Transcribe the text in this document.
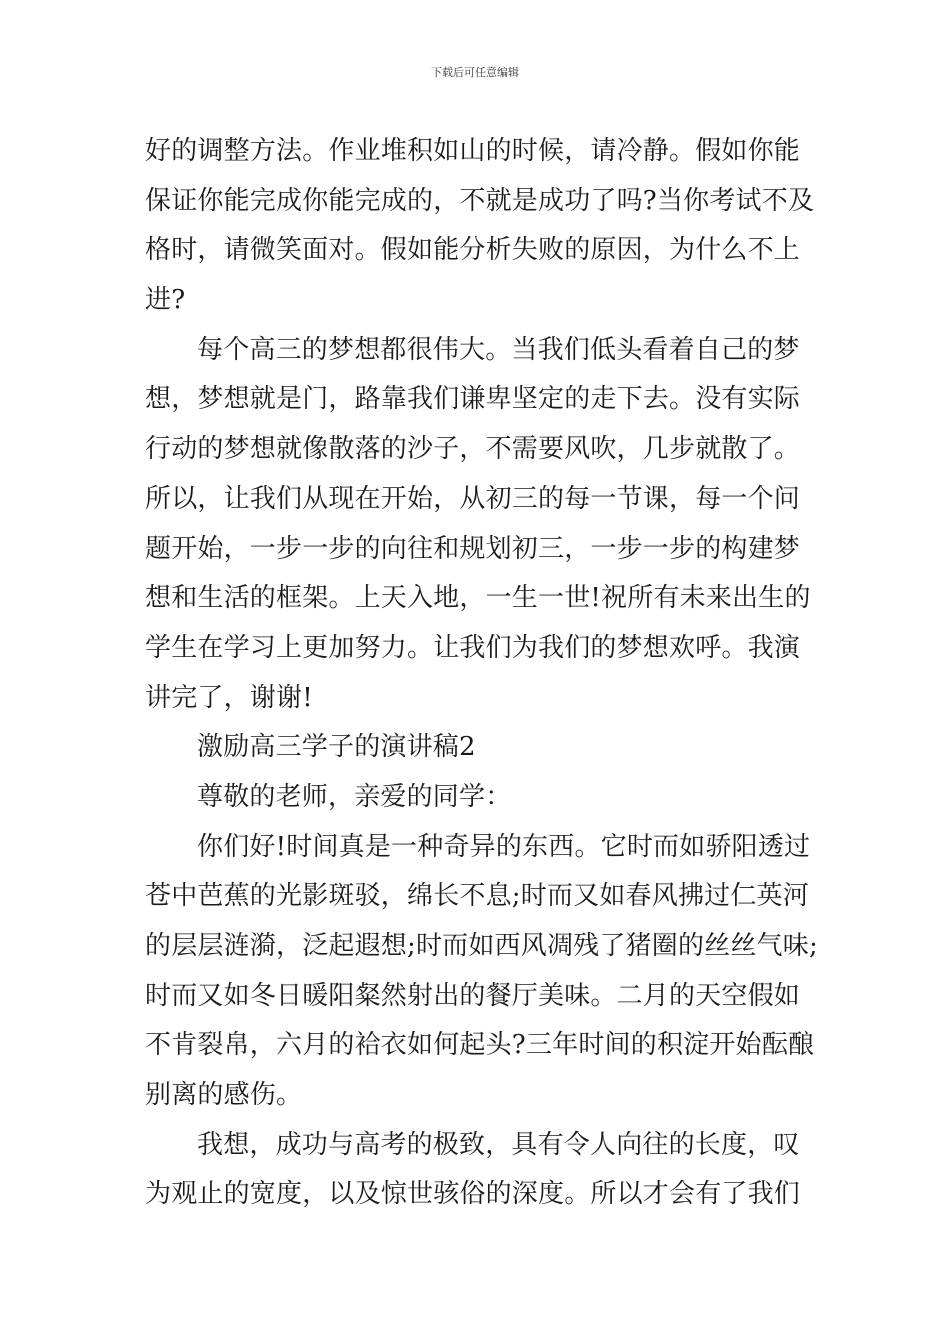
下载后可任意编辑
好的调整方法。作业堆积如山的时候，请冷静。假如你能
保证你能完成你能完成的，不就是成功了吗?当你考试不及
格时，请微笑面对。假如能分析失败的原因，为什么不上
进?
每个高三的梦想都很伟大。当我们低头看着自己的梦
想，梦想就是门，路靠我们谦卑坚定的走下去。没有实际
行动的梦想就像散落的沙子，不需要风吹，几步就散了。
所以，让我们从现在开始，从初三的每一节课，每一个问
题开始，一步一步的向往和规划初三，一步一步的构建梦
想和生活的框架。上天入地，一生一世!祝所有未来出生的
学生在学习上更加努力。让我们为我们的梦想欢呼。我演
讲完了，谢谢!
激励高三学子的演讲稿2
尊敬的老师，亲爱的同学：
你们好!时间真是一种奇异的东西。它时而如骄阳透过
苍中芭蕉的光影斑驳，绵长不息;时而又如春风拂过仁英河
的层层涟漪，泛起遐想;时而如西风凋残了猪圈的丝丝气味;
时而又如冬日暖阳粲然射出的餐厅美味。二月的天空假如
不肯裂帛，六月的袷衣如何起头?三年时间的积淀开始酝酿
别离的感伤。
我想，成功与高考的极致，具有令人向往的长度，叹
为观止的宽度，以及惊世骇俗的深度。所以才会有了我们
